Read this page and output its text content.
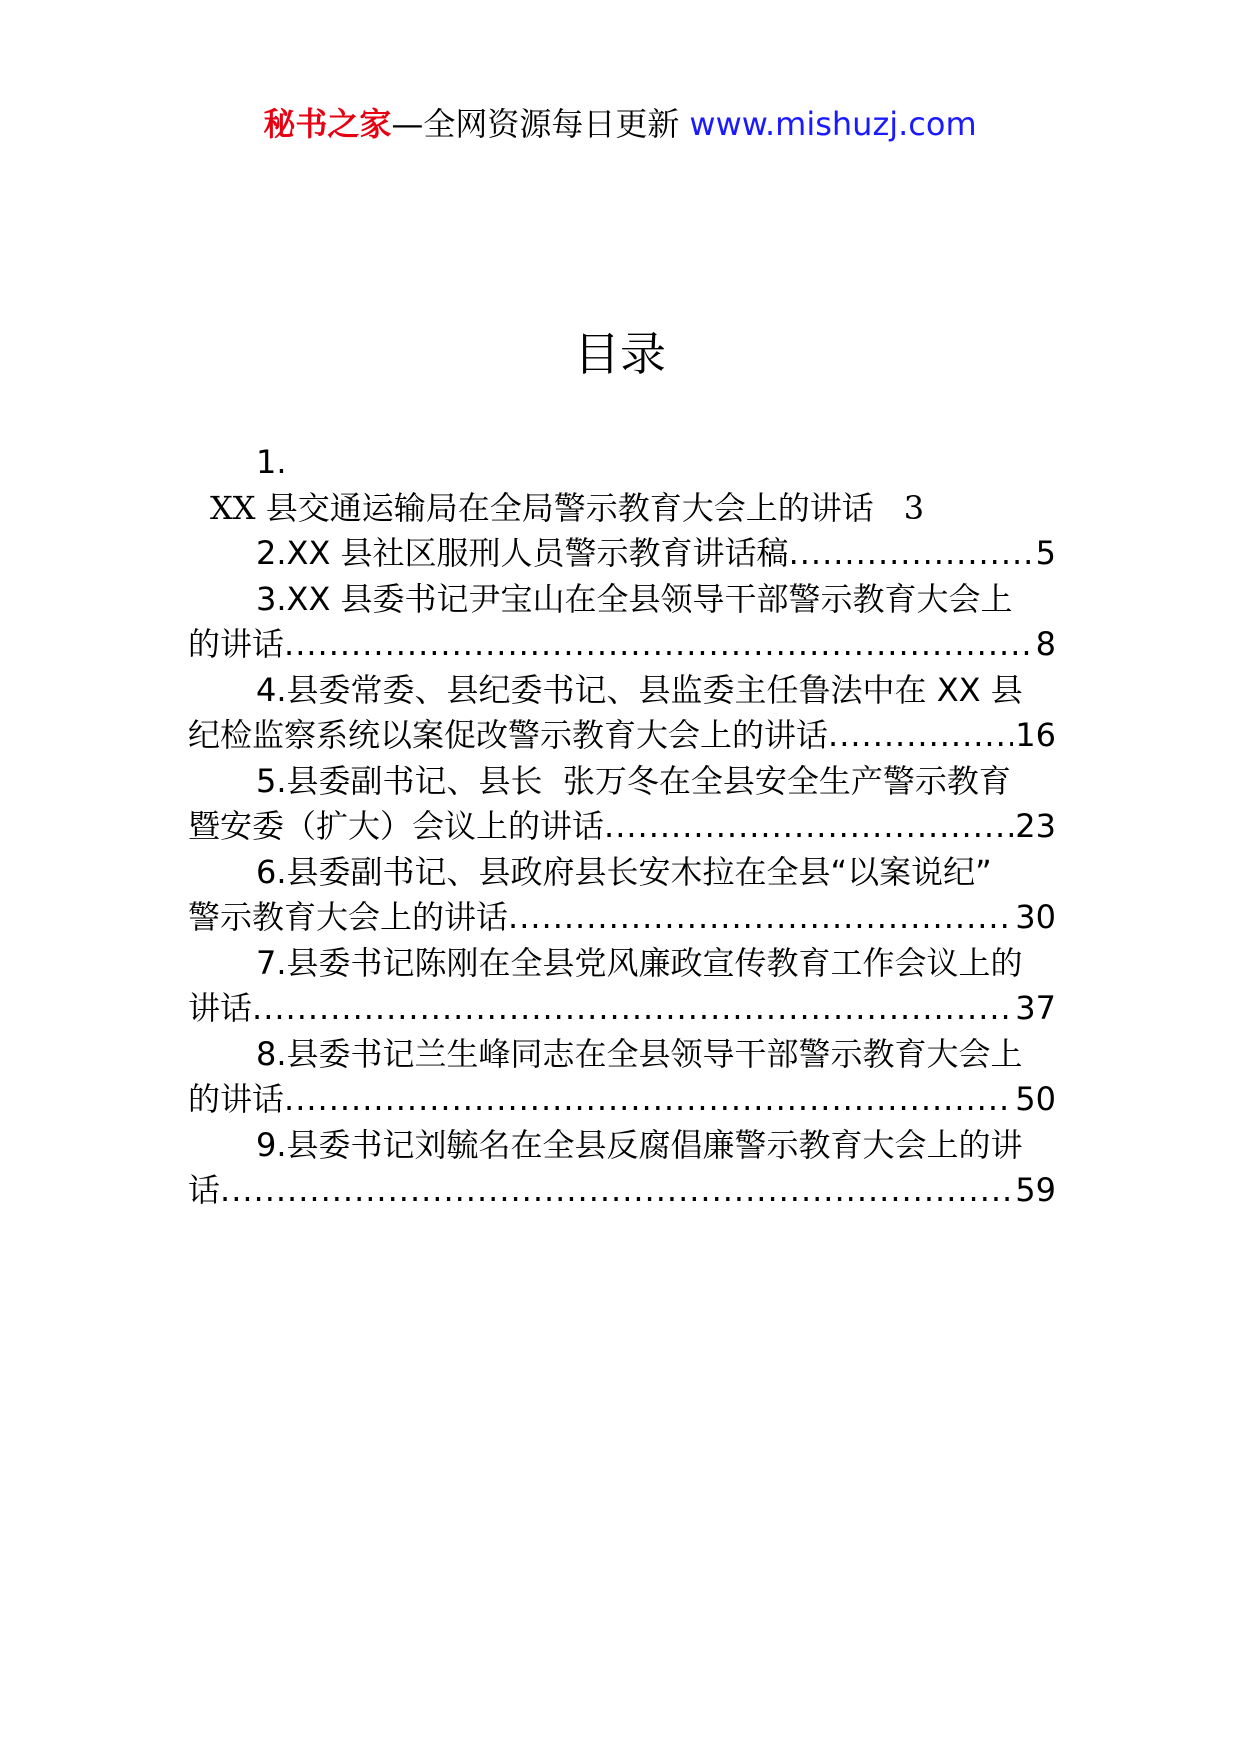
秘书之家—全网资源每日更新 www.mishuzj.com
目录
1.
XX 县交通运输局在全局警示教育大会上的讲话 3
2.XX 县社区服刑人员警示教育讲话稿 .....	5
3.XX 县委书记尹宝山在全县领导干部警示教育大会上
的讲话 .....	8
4.县委常委、县纪委书记、县监委主任鲁法中在 XX 县
纪检监察系统以案促改警示教育大会上的讲话 .....	16
5.县委副书记、县长  张万冬在全县安全生产警示教育
暨安委（扩大）会议上的讲话 .....	23
6.县委副书记、县政府县长安木拉在全县“以案说纪”
警示教育大会上的讲话 .....	30
7.县委书记陈刚在全县党风廉政宣传教育工作会议上的
讲话 .....	37
8.县委书记兰生峰同志在全县领导干部警示教育大会上
的讲话 .....	50
9.县委书记刘毓名在全县反腐倡廉警示教育大会上的讲
话 .....	59
